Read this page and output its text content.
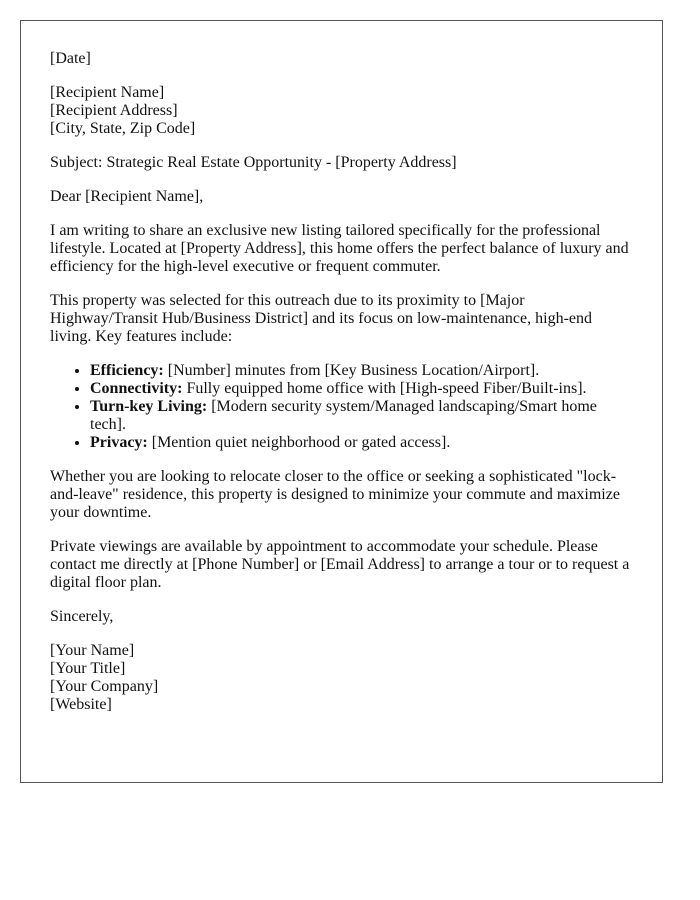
[Date]

[Recipient Name]
[Recipient Address]
[City, State, Zip Code]

Subject: Strategic Real Estate Opportunity - [Property Address]

Dear [Recipient Name],

I am writing to share an exclusive new listing tailored specifically for the professional lifestyle. Located at [Property Address], this home offers the perfect balance of luxury and efficiency for the high-level executive or frequent commuter.

This property was selected for this outreach due to its proximity to [Major Highway/Transit Hub/Business District] and its focus on low-maintenance, high-end living. Key features include:

• Efficiency: [Number] minutes from [Key Business Location/Airport].
• Connectivity: Fully equipped home office with [High-speed Fiber/Built-ins].
• Turn-key Living: [Modern security system/Managed landscaping/Smart home tech].
• Privacy: [Mention quiet neighborhood or gated access].

Whether you are looking to relocate closer to the office or seeking a sophisticated "lock-and-leave" residence, this property is designed to minimize your commute and maximize your downtime.

Private viewings are available by appointment to accommodate your schedule. Please contact me directly at [Phone Number] or [Email Address] to arrange a tour or to request a digital floor plan.

Sincerely,

[Your Name]
[Your Title]
[Your Company]
[Website]
